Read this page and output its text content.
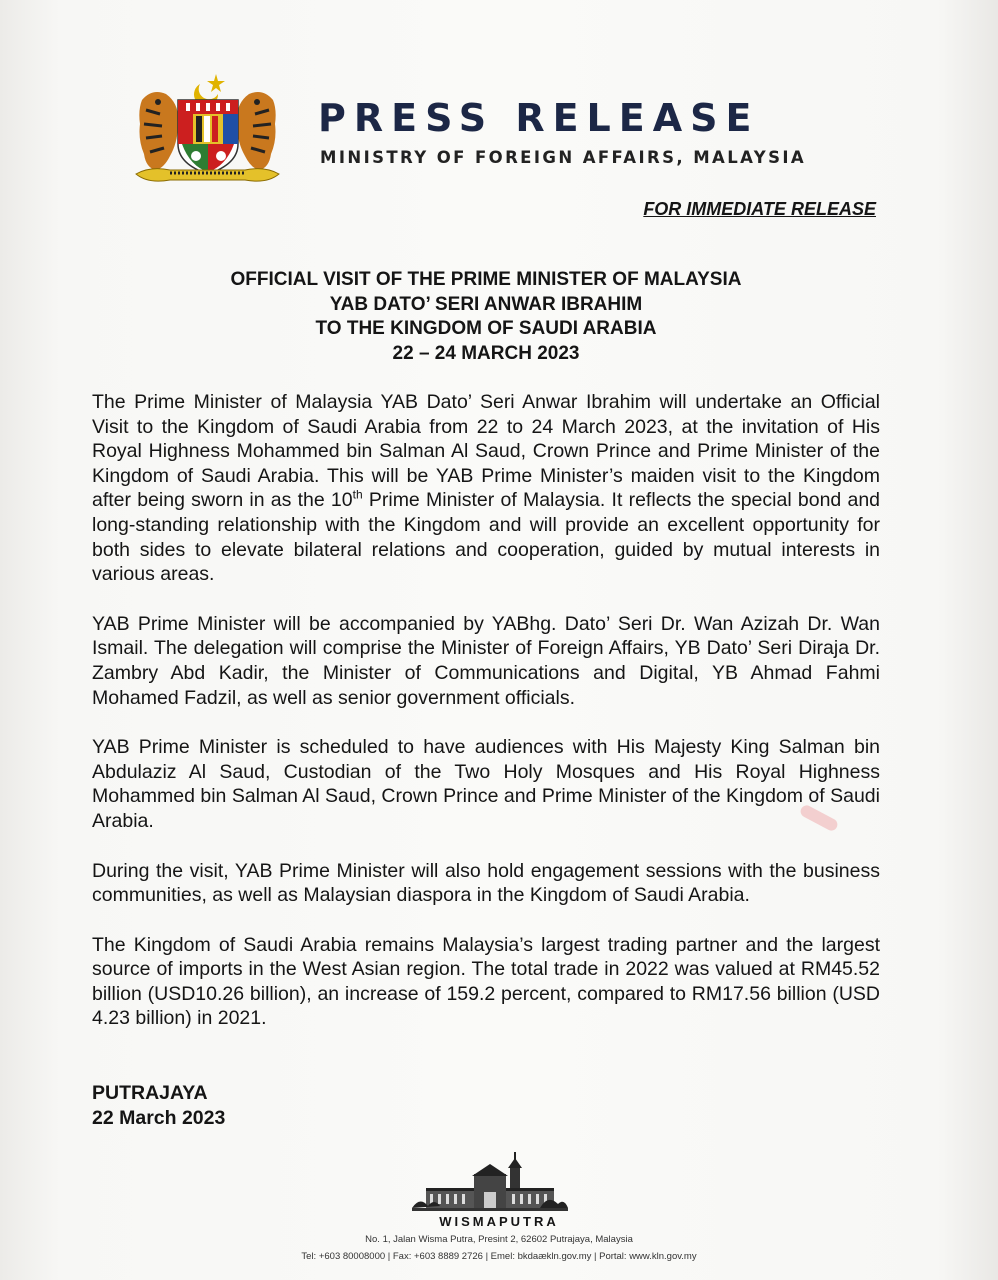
PRESS RELEASE
MINISTRY OF FOREIGN AFFAIRS, MALAYSIA
FOR IMMEDIATE RELEASE
OFFICIAL VISIT OF THE PRIME MINISTER OF MALAYSIA
YAB DATO’ SERI ANWAR IBRAHIM
TO THE KINGDOM OF SAUDI ARABIA
22 – 24 MARCH 2023

The Prime Minister of Malaysia YAB Dato’ Seri Anwar Ibrahim will undertake an Official Visit to the Kingdom of Saudi Arabia from 22 to 24 March 2023, at the invitation of His Royal Highness Mohammed bin Salman Al Saud, Crown Prince and Prime Minister of the Kingdom of Saudi Arabia. This will be YAB Prime Minister’s maiden visit to the Kingdom after being sworn in as the 10th Prime Minister of Malaysia. It reflects the special bond and long-standing relationship with the Kingdom and will provide an excellent opportunity for both sides to elevate bilateral relations and cooperation, guided by mutual interests in various areas.

YAB Prime Minister will be accompanied by YABhg. Dato’ Seri Dr. Wan Azizah Dr. Wan Ismail. The delegation will comprise the Minister of Foreign Affairs, YB Dato’ Seri Diraja Dr. Zambry Abd Kadir, the Minister of Communications and Digital, YB Ahmad Fahmi Mohamed Fadzil, as well as senior government officials.

YAB Prime Minister is scheduled to have audiences with His Majesty King Salman bin Abdulaziz Al Saud, Custodian of the Two Holy Mosques and His Royal Highness Mohammed bin Salman Al Saud, Crown Prince and Prime Minister of the Kingdom of Saudi Arabia.

During the visit, YAB Prime Minister will also hold engagement sessions with the business communities, as well as Malaysian diaspora in the Kingdom of Saudi Arabia.

The Kingdom of Saudi Arabia remains Malaysia’s largest trading partner and the largest source of imports in the West Asian region. The total trade in 2022 was valued at RM45.52 billion (USD10.26 billion), an increase of 159.2 percent, compared to RM17.56 billion (USD 4.23 billion) in 2021.

PUTRAJAYA
22 March 2023
WISMAPUTRA
No. 1, Jalan Wisma Putra, Presint 2, 62602 Putrajaya, Malaysia
Tel: +603 80008000 | Fax: +603 8889 2726 | Emel: bkdaækln.gov.my | Portal: www.kln.gov.my
